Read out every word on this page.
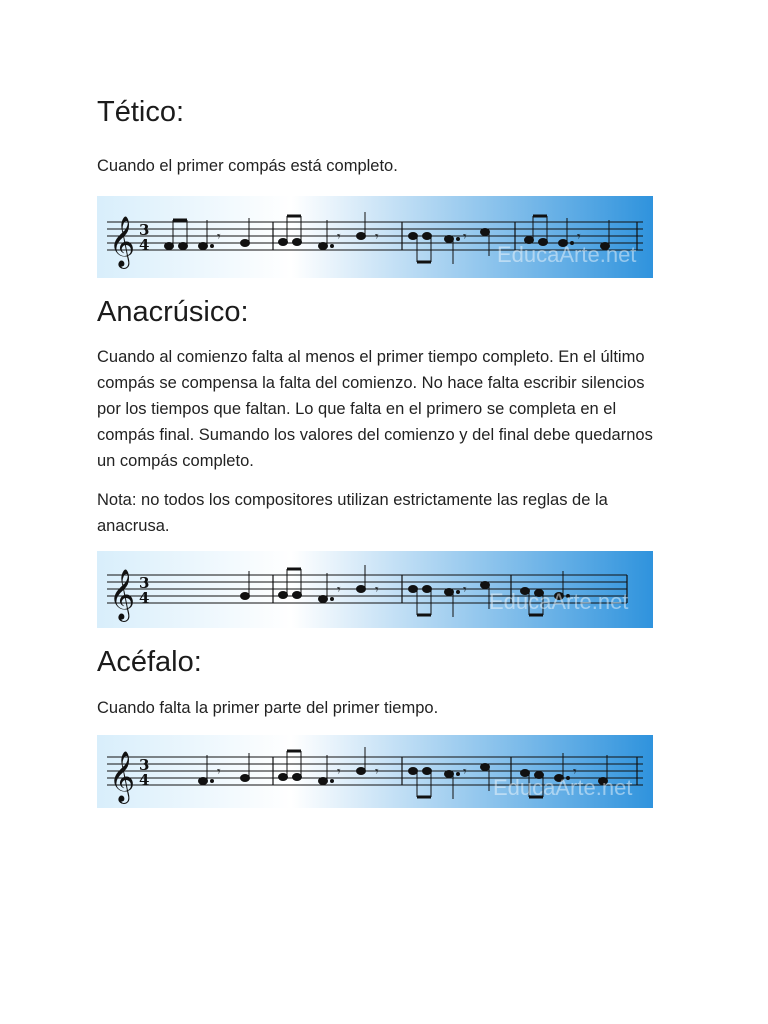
Tético:

Cuando el primer compás está completo.

𝄞 3
4	𝄾	𝄾 𝄾	𝄾	𝄾
EducaArte.net
Anacrúsico:

Cuando al comienzo falta al menos el primer tiempo completo. En el último compás se compensa la falta del comienzo. No hace falta escribir silencios por los tiempos que faltan. Lo que falta en el primero se completa en el compás final. Sumando los valores del comienzo y del final debe quedarnos un compás completo.

Nota: no todos los compositores utilizan estrictamente las reglas de la anacrusa.

𝄞 3
4	𝄾 𝄾	𝄾 EducaArte.net
Acéfalo:

Cuando falta la primer parte del primer tiempo.

𝄞 3
4	𝄾	𝄾 𝄾	𝄾	𝄾
EducaArte.net
